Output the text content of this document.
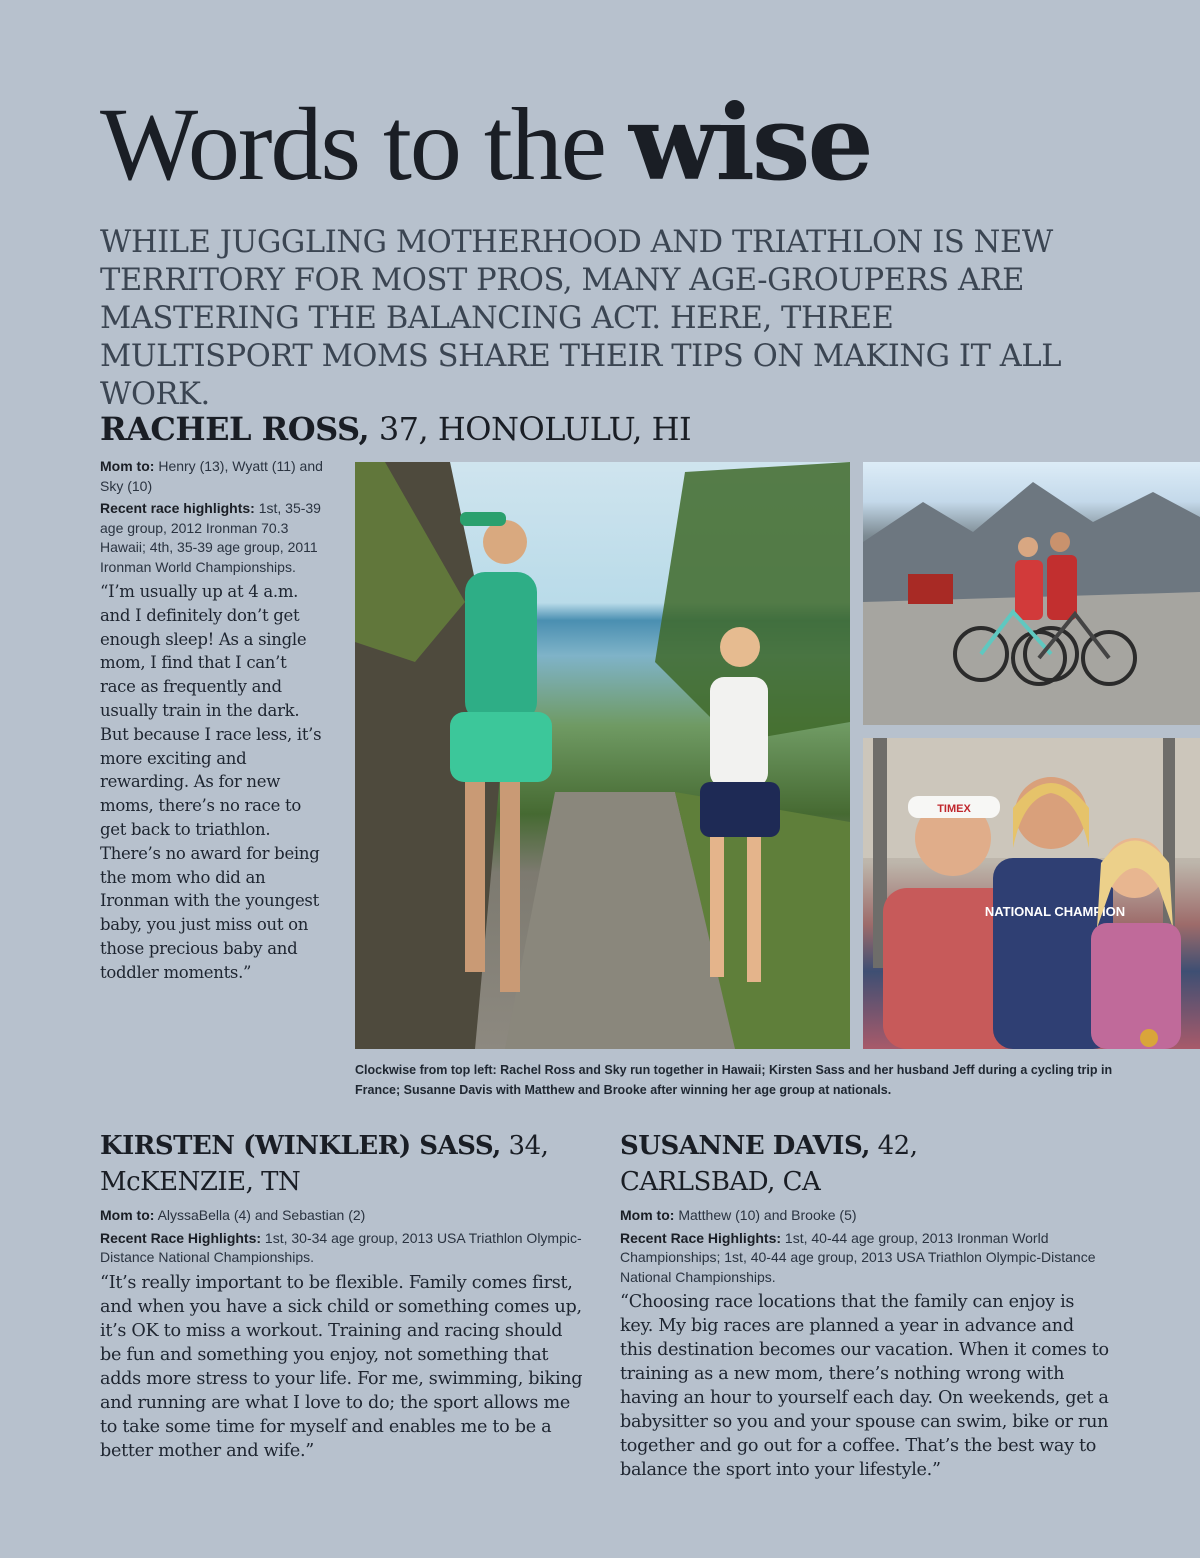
Words to the wise

WHILE JUGGLING MOTHERHOOD AND TRIATHLON IS NEW TERRITORY FOR MOST PROS, MANY AGE-GROUPERS ARE MASTERING THE BALANCING ACT. HERE, THREE MULTISPORT MOMS SHARE THEIR TIPS ON MAKING IT ALL WORK.

RACHEL ROSS, 37, HONOLULU, HI

Mom to: Henry (13), Wyatt (11) and Sky (10)

Recent race highlights: 1st, 35-39 age group, 2012 Ironman 70.3 Hawaii; 4th, 35-39 age group, 2011 Ironman World Championships.

“I’m usually up at 4 a.m. and I definitely don’t get enough sleep! As a single mom, I find that I can’t race as frequently and usually train in the dark. But because I race less, it’s more exciting and rewarding. As for new moms, there’s no race to get back to triathlon. There’s no award for being the mom who did an Ironman with the youngest baby, you just miss out on those precious baby and toddler moments.”

TIMEX
NATIONAL CHAMPION

Clockwise from top left: Rachel Ross and Sky run together in Hawaii; Kirsten Sass and her husband Jeff during a cycling trip in France; Susanne Davis with Matthew and Brooke after winning her age group at nationals.

KIRSTEN (WINKLER) SASS, 34,
McKENZIE, TN

Mom to: AlyssaBella (4) and Sebastian (2)

Recent Race Highlights: 1st, 30-34 age group, 2013 USA Triathlon Olympic-Distance National Championships.

“It’s really important to be flexible. Family comes first, and when you have a sick child or something comes up, it’s OK to miss a workout. Training and racing should be fun and something you enjoy, not something that adds more stress to your life. For me, swimming, biking and running are what I love to do; the sport allows me to take some time for myself and enables me to be a better mother and wife.”

SUSANNE DAVIS, 42,
CARLSBAD, CA

Mom to: Matthew (10) and Brooke (5)

Recent Race Highlights: 1st, 40-44 age group, 2013 Ironman World Championships; 1st, 40-44 age group, 2013 USA Triathlon Olympic-Distance National Championships.

“Choosing race locations that the family can enjoy is key. My big races are planned a year in advance and this destination becomes our vacation. When it comes to training as a new mom, there’s nothing wrong with having an hour to yourself each day. On weekends, get a babysitter so you and your spouse can swim, bike or run together and go out for a coffee. That’s the best way to balance the sport into your lifestyle.”
